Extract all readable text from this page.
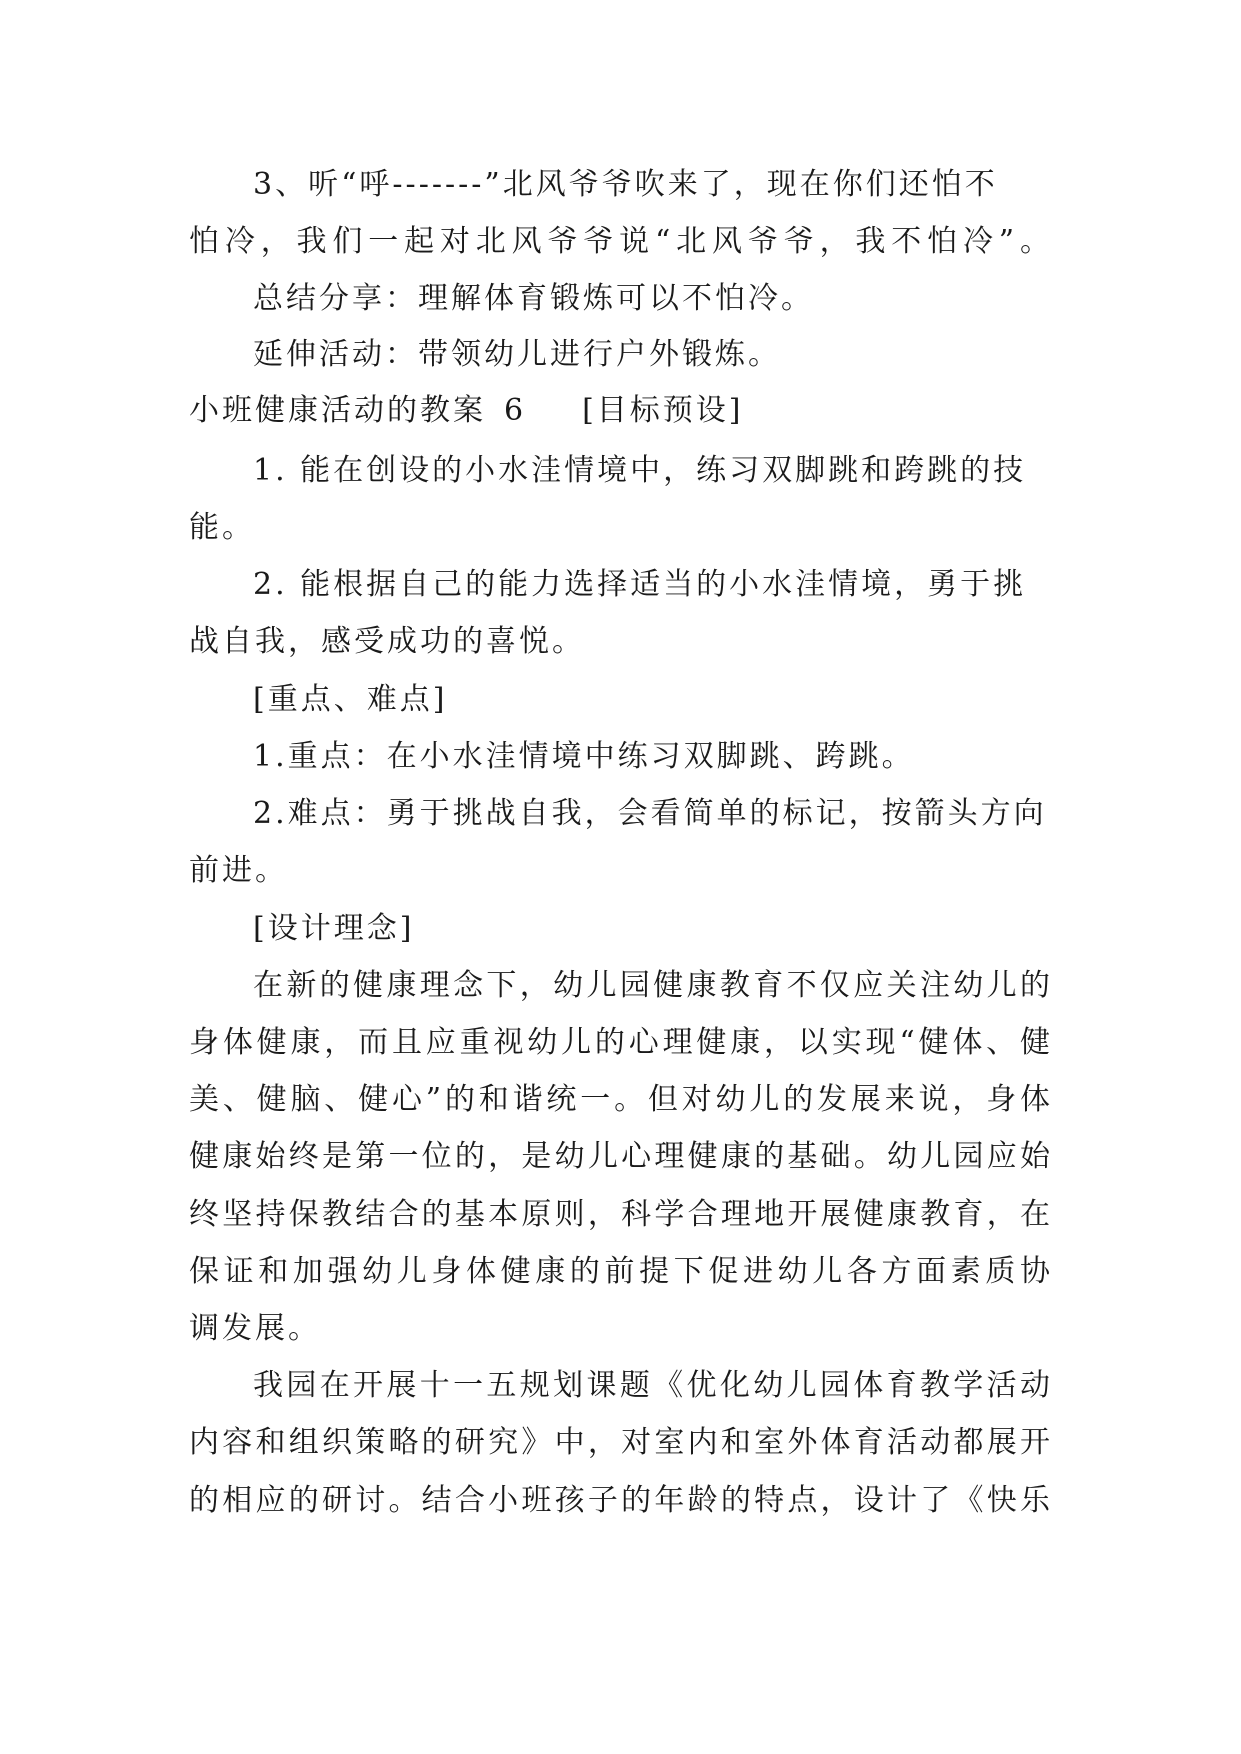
3、听“呼-------”北风爷爷吹来了，现在你们还怕不
怕冷，我们一起对北风爷爷说“北风爷爷，我不怕冷”。
总结分享：理解体育锻炼可以不怕冷。
延伸活动：带领幼儿进行户外锻炼。
小班健康活动的教案 6 [目标预设]
1. 能在创设的小水洼情境中，练习双脚跳和跨跳的技
能。
2. 能根据自己的能力选择适当的小水洼情境，勇于挑
战自我，感受成功的喜悦。
[重点、难点]
1.重点：在小水洼情境中练习双脚跳、跨跳。
2.难点：勇于挑战自我，会看简单的标记，按箭头方向
前进。
[设计理念]
在新的健康理念下，幼儿园健康教育不仅应关注幼儿的
身体健康，而且应重视幼儿的心理健康，以实现“健体、健
美、健脑、健心”的和谐统一。但对幼儿的发展来说，身体
健康始终是第一位的，是幼儿心理健康的基础。幼儿园应始
终坚持保教结合的基本原则，科学合理地开展健康教育，在
保证和加强幼儿身体健康的前提下促进幼儿各方面素质协
调发展。
我园在开展十一五规划课题《优化幼儿园体育教学活动
内容和组织策略的研究》中，对室内和室外体育活动都展开
的相应的研讨。结合小班孩子的年龄的特点，设计了《快乐
